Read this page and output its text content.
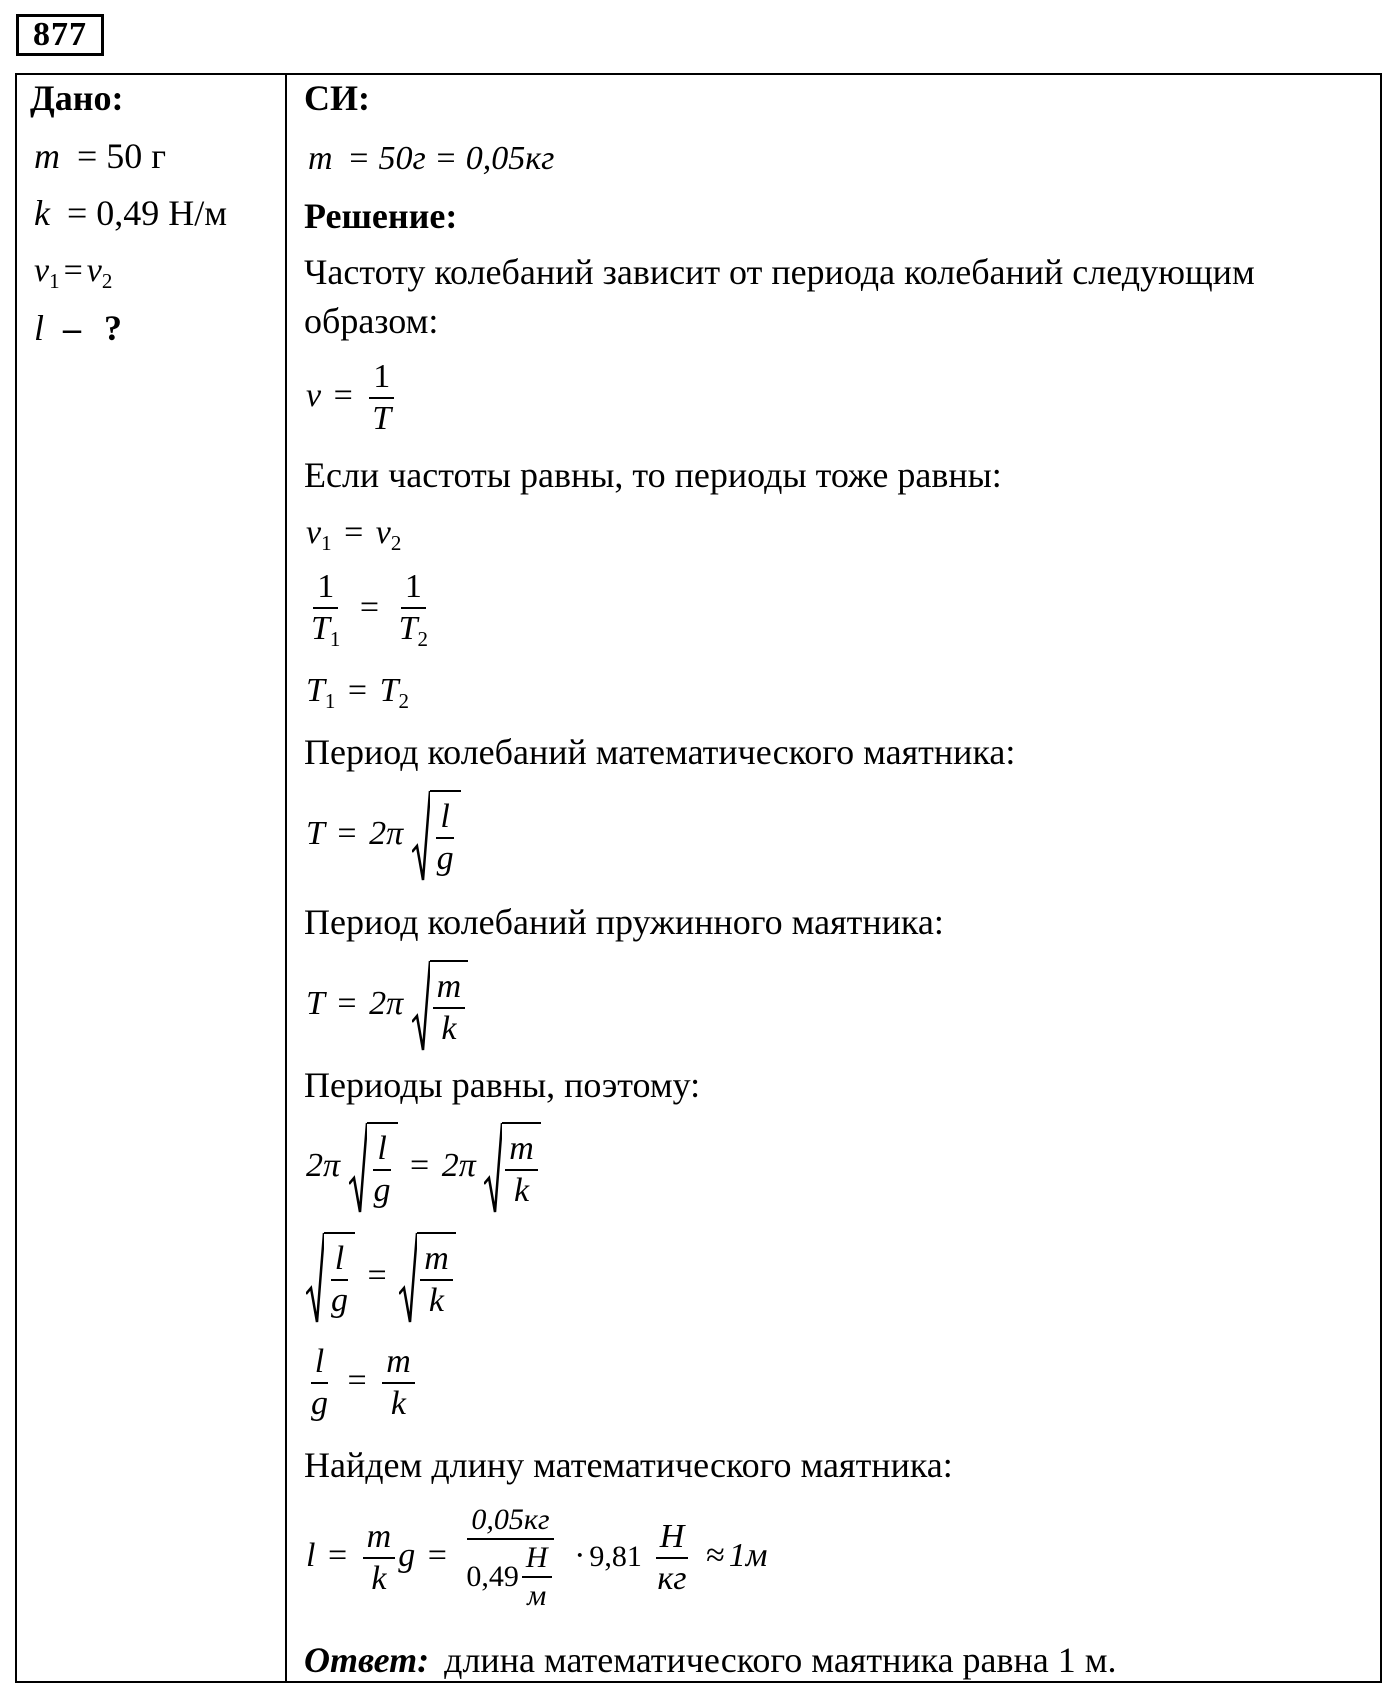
877
Дано:
m = 50 г
k = 0,49 Н/м
$\nu_1 = \nu_2$
l – ?
СИ:
m = 50г = 0,05кг
Решение:
Частоту колебаний зависит от периода колебаний следующим
образом:
$\nu = \frac{1}{T}$
Если частоты равны, то периоды тоже равны:
$\nu_1 = \nu_2$
$\frac{1}{T_1} = \frac{1}{T_2}$
$T_1 = T_2$
Период колебаний математического маятника:
$T = 2\pi \frac{l}{g}$
Период колебаний пружинного маятника:
$T = 2\pi \frac{m}{k}$
Периоды равны, поэтому:
$2\pi \frac{l}{g} = 2\pi \frac{m}{k}$
$\frac{l}{g} = \frac{m}{k}$
$\frac{l}{g} = \frac{m}{k}$
Найдем длину математического маятника:
$l = \frac{m}{k}$ $g = \frac{0,05кг}{0,49 \frac{Н}{м}} \cdot 9,81 \frac{Н}{кг} \approx 1м$
Ответ: длина математического маятника равна 1 м.
